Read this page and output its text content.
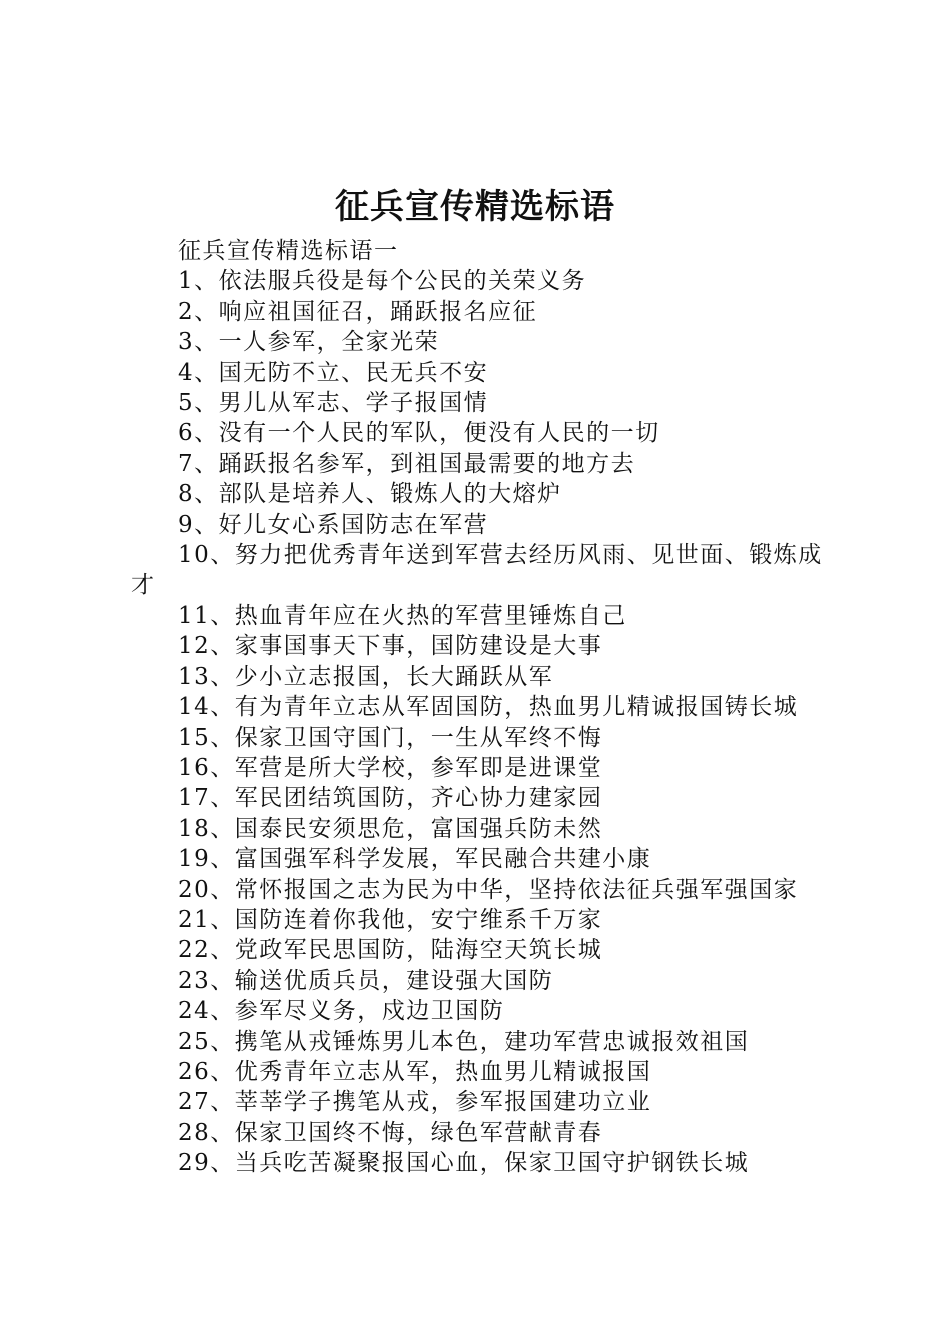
征兵宣传精选标语

征兵宣传精选标语一

1、依法服兵役是每个公民的关荣义务

2、响应祖国征召，踊跃报名应征

3、一人参军，全家光荣

4、国无防不立、民无兵不安

5、男儿从军志、学子报国情

6、没有一个人民的军队，便没有人民的一切

7、踊跃报名参军，到祖国最需要的地方去

8、部队是培养人、锻炼人的大熔炉

9、好儿女心系国防志在军营

10、努力把优秀青年送到军营去经历风雨、见世面、锻炼成才

11、热血青年应在火热的军营里锤炼自己

12、家事国事天下事，国防建设是大事

13、少小立志报国，长大踊跃从军

14、有为青年立志从军固国防，热血男儿精诚报国铸长城

15、保家卫国守国门，一生从军终不悔

16、军营是所大学校，参军即是进课堂

17、军民团结筑国防，齐心协力建家园

18、国泰民安须思危，富国强兵防未然

19、富国强军科学发展，军民融合共建小康

20、常怀报国之志为民为中华，坚持依法征兵强军强国家

21、国防连着你我他，安宁维系千万家

22、党政军民思国防，陆海空天筑长城

23、输送优质兵员，建设强大国防

24、参军尽义务，戍边卫国防

25、携笔从戎锤炼男儿本色，建功军营忠诚报效祖国

26、优秀青年立志从军，热血男儿精诚报国

27、莘莘学子携笔从戎，参军报国建功立业

28、保家卫国终不悔，绿色军营献青春

29、当兵吃苦凝聚报国心血，保家卫国守护钢铁长城
